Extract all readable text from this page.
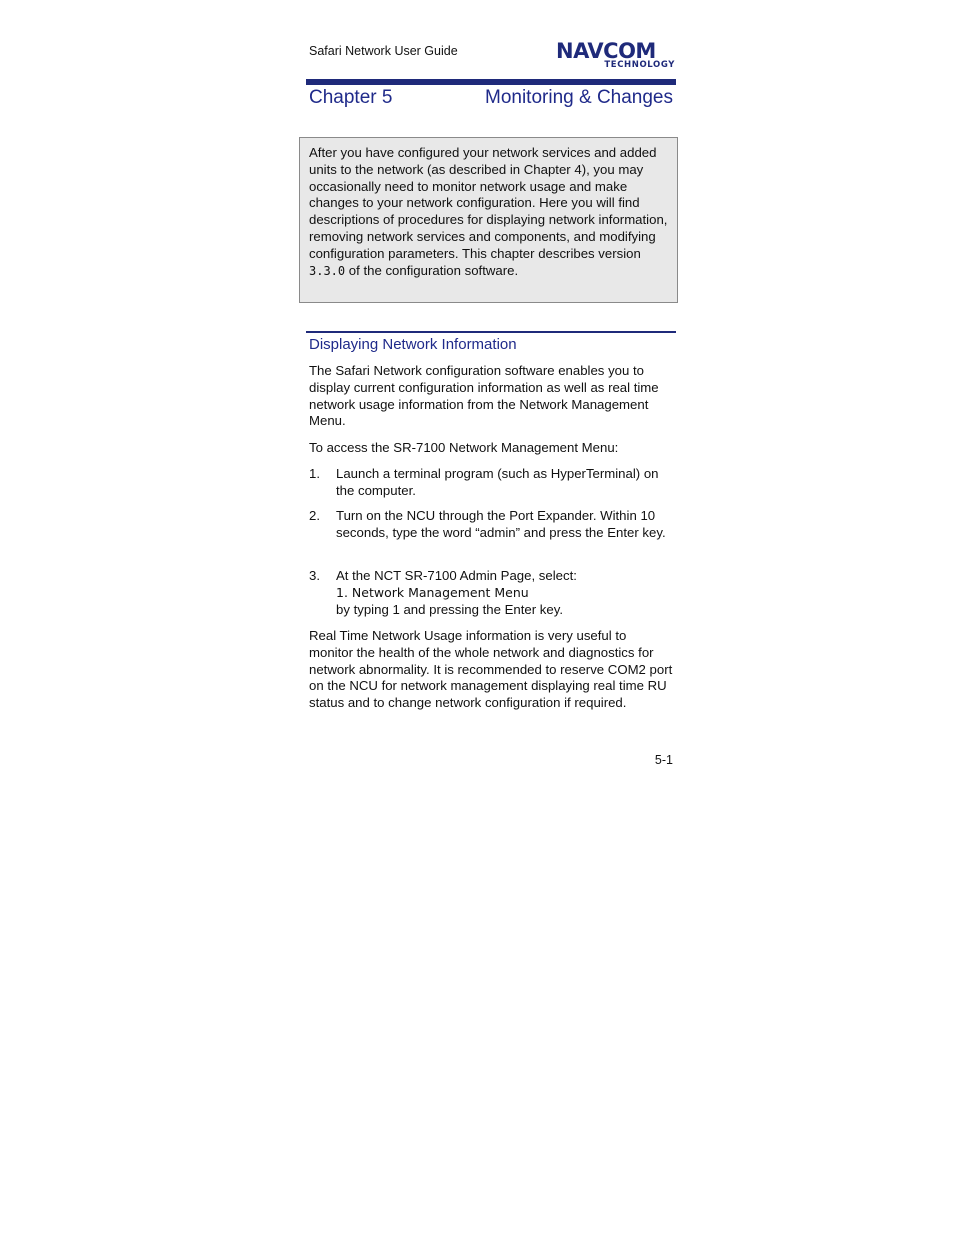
Safari Network User Guide	NAVCOM
TECHNOLOGY
Chapter 5	Monitoring & Changes
After you have configured your network services and added units to the network (as described in Chapter 4), you may occasionally need to monitor network usage and make changes to your network configuration. Here you will find descriptions of procedures for displaying network information, removing network services and components, and modifying configuration parameters. This chapter describes version 3.3.0 of the configuration software.
Displaying Network Information
The Safari Network configuration software enables you to display current configuration information as well as real time network usage information from the Network Management Menu.
To access the SR-7100 Network Management Menu:
1. Launch a terminal program (such as HyperTerminal) on the computer.
2. Turn on the NCU through the Port Expander. Within 10 seconds, type the word “admin” and press the Enter key.
3. At the NCT SR-7100 Admin Page, select:
1. Network Management Menu
by typing 1 and pressing the Enter key.
Real Time Network Usage information is very useful to monitor the health of the whole network and diagnostics for network abnormality. It is recommended to reserve COM2 port on the NCU for network management displaying real time RU status and to change network configuration if required.
5-1
